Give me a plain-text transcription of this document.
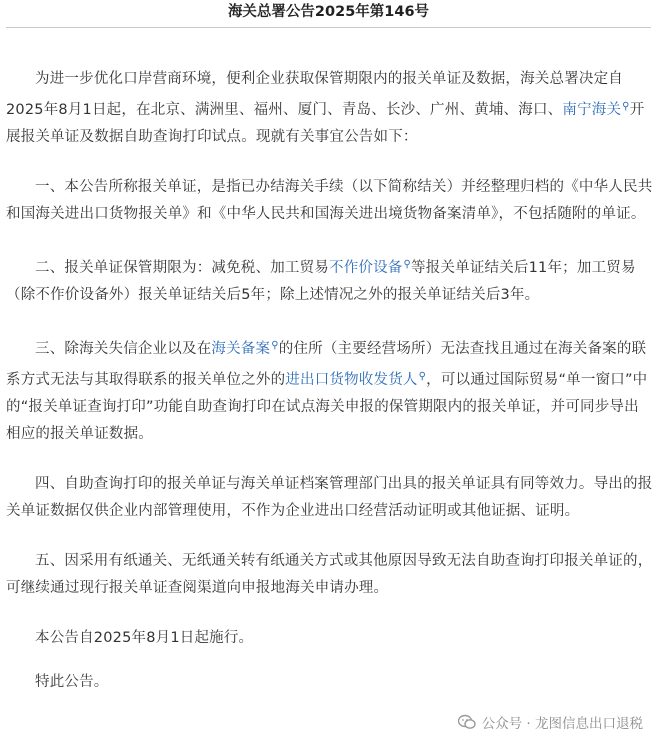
海关总署公告2025年第146号

为进一步优化口岸营商环境，便利企业获取保管期限内的报关单证及数据，海关总署决定自2025年8月1日起，在北京、满洲里、福州、厦门、青岛、长沙、广州、黄埔、海口、南宁海关⚲开展报关单证及数据自助查询打印试点。现就有关事宜公告如下：

一、本公告所称报关单证，是指已办结海关手续（以下简称结关）并经整理归档的《中华人民共和国海关进出口货物报关单》和《中华人民共和国海关进出境货物备案清单》，不包括随附的单证。

二、报关单证保管期限为：减免税、加工贸易不作价设备⚲等报关单证结关后11年；加工贸易（除不作价设备外）报关单证结关后5年；除上述情况之外的报关单证结关后3年。

三、除海关失信企业以及在海关备案⚲的住所（主要经营场所）无法查找且通过在海关备案的联系方式无法与其取得联系的报关单位之外的进出口货物收发货人⚲，可以通过国际贸易“单一窗口”中的“报关单证查询打印”功能自助查询打印在试点海关申报的保管期限内的报关单证，并可同步导出相应的报关单证数据。

四、自助查询打印的报关单证与海关单证档案管理部门出具的报关单证具有同等效力。导出的报关单证数据仅供企业内部管理使用，不作为企业进出口经营活动证明或其他证据、证明。

五、因采用有纸通关、无纸通关转有纸通关方式或其他原因导致无法自助查询打印报关单证的，可继续通过现行报关单证查阅渠道向申报地海关申请办理。

本公告自2025年8月1日起施行。

特此公告。

公众号 · 龙图信息出口退税
